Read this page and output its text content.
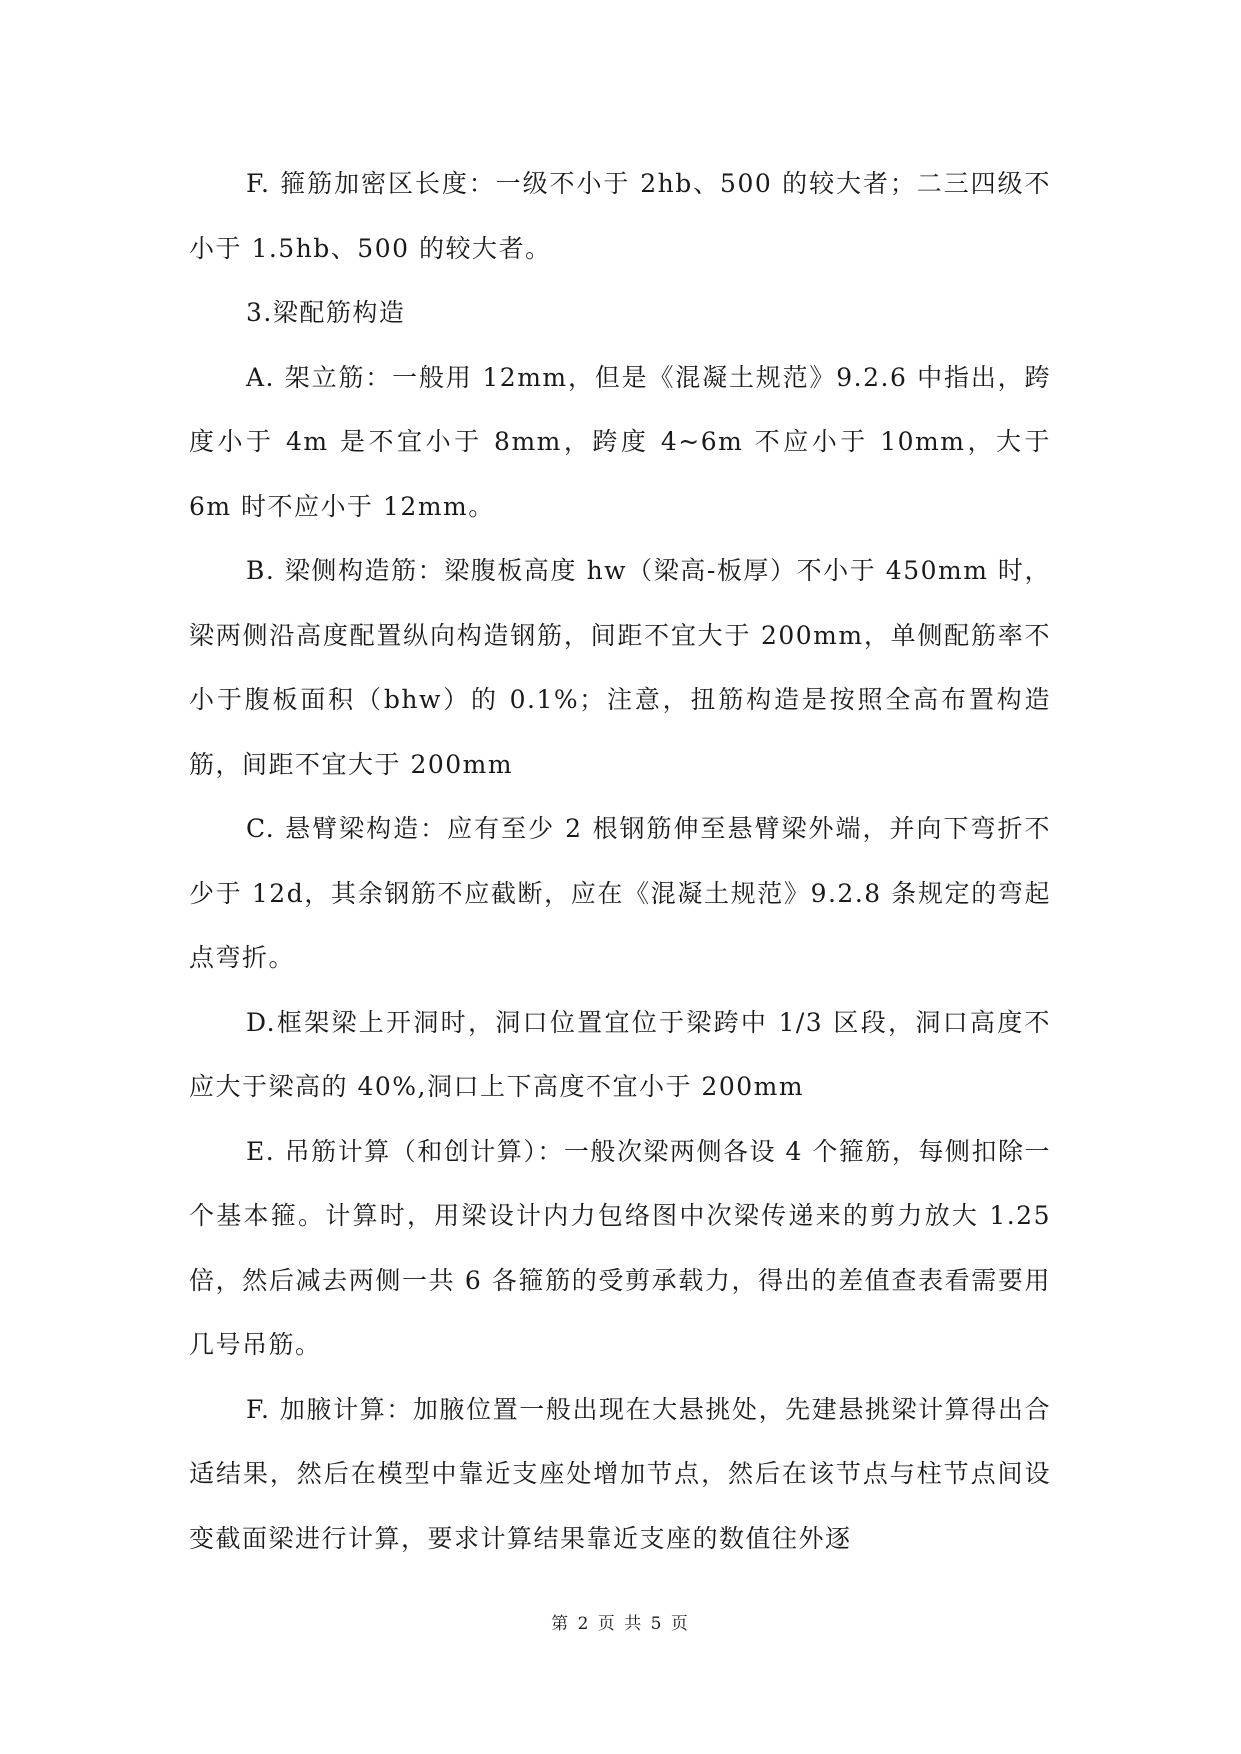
F. 箍筋加密区长度：一级不小于 2hb、500 的较大者；二三四级不小于 1.5hb、500 的较大者。

3.梁配筋构造

A. 架立筋：一般用 12mm，但是《混凝土规范》9.2.6 中指出，跨度小于 4m 是不宜小于 8mm，跨度 4~6m 不应小于 10mm，大于 6m 时不应小于 12mm。

B. 梁侧构造筋：梁腹板高度 hw（梁高-板厚）不小于 450mm 时，梁两侧沿高度配置纵向构造钢筋，间距不宜大于 200mm，单侧配筋率不小于腹板面积（bhw）的 0.1%；注意，扭筋构造是按照全高布置构造筋，间距不宜大于 200mm

C. 悬臂梁构造：应有至少 2 根钢筋伸至悬臂梁外端，并向下弯折不少于 12d，其余钢筋不应截断，应在《混凝土规范》9.2.8 条规定的弯起点弯折。

D.框架梁上开洞时，洞口位置宜位于梁跨中 1/3 区段，洞口高度不应大于梁高的 40%,洞口上下高度不宜小于 200mm

E. 吊筋计算（和创计算）：一般次梁两侧各设 4 个箍筋，每侧扣除一个基本箍。计算时，用梁设计内力包络图中次梁传递来的剪力放大 1.25 倍，然后减去两侧一共 6 各箍筋的受剪承载力，得出的差值查表看需要用几号吊筋。

F. 加腋计算：加腋位置一般出现在大悬挑处，先建悬挑梁计算得出合适结果，然后在模型中靠近支座处增加节点，然后在该节点与柱节点间设变截面梁进行计算，要求计算结果靠近支座的数值往外逐

第 2 页 共 5 页
